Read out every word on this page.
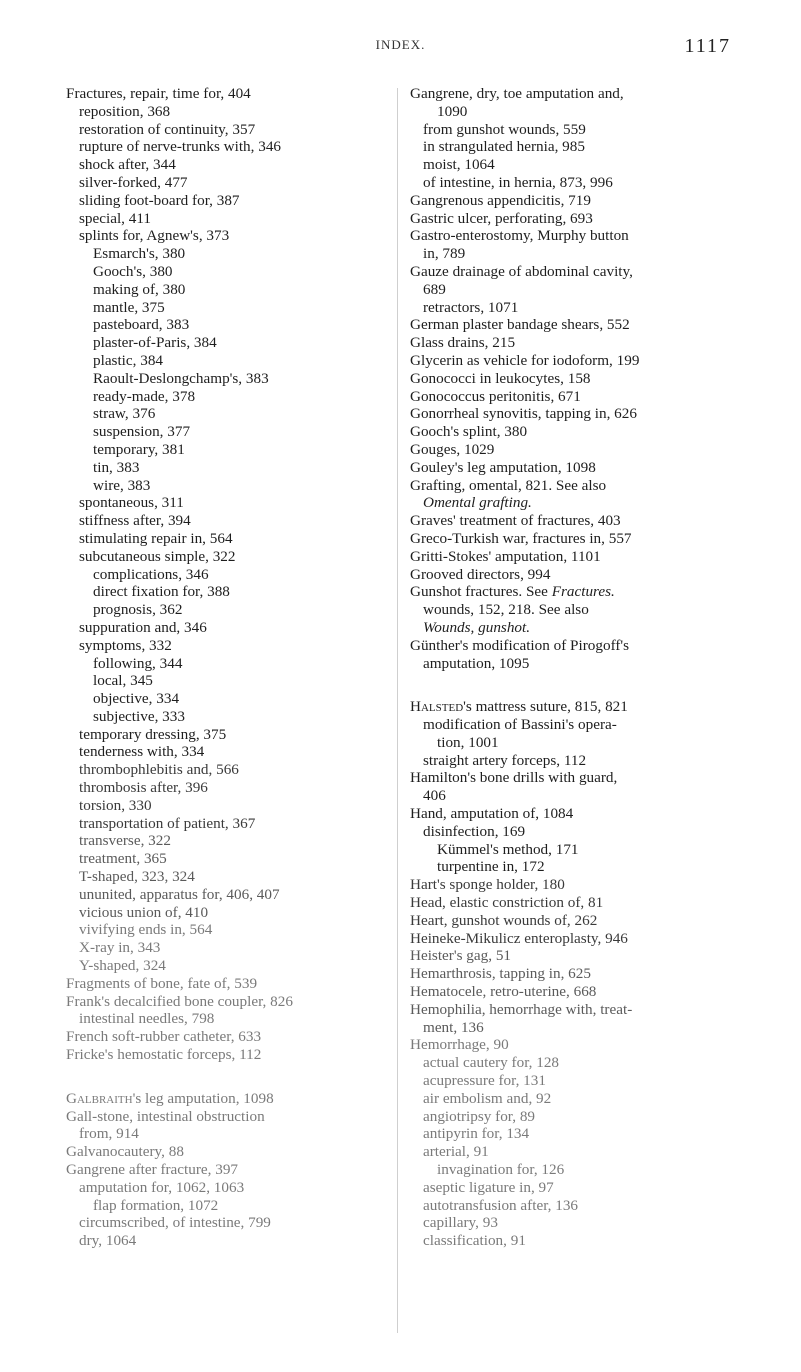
INDEX.	1117
Fractures, repair, time for, 404
reposition, 368
restoration of continuity, 357
rupture of nerve-trunks with, 346
shock after, 344
silver-forked, 477
sliding foot-board for, 387
special, 411
splints for, Agnew's, 373
Esmarch's, 380
Gooch's, 380
making of, 380
mantle, 375
pasteboard, 383
plaster-of-Paris, 384
plastic, 384
Raoult-Deslongchamp's, 383
ready-made, 378
straw, 376
suspension, 377
temporary, 381
tin, 383
wire, 383
spontaneous, 311
stiffness after, 394
stimulating repair in, 564
subcutaneous simple, 322
complications, 346
direct fixation for, 388
prognosis, 362
suppuration and, 346
symptoms, 332
following, 344
local, 345
objective, 334
subjective, 333
temporary dressing, 375
tenderness with, 334
thrombophlebitis and, 566
thrombosis after, 396
torsion, 330
transportation of patient, 367
transverse, 322
treatment, 365
T-shaped, 323, 324
ununited, apparatus for, 406, 407
vicious union of, 410
vivifying ends in, 564
X-ray in, 343
Y-shaped, 324
Fragments of bone, fate of, 539
Frank's decalcified bone coupler, 826
intestinal needles, 798
French soft-rubber catheter, 633
Fricke's hemostatic forceps, 112
Galbraith's leg amputation, 1098
Gall-stone, intestinal obstruction
from, 914
Galvanocautery, 88
Gangrene after fracture, 397
amputation for, 1062, 1063
flap formation, 1072
circumscribed, of intestine, 799
dry, 1064
Gangrene, dry, toe amputation and,
1090
from gunshot wounds, 559
in strangulated hernia, 985
moist, 1064
of intestine, in hernia, 873, 996
Gangrenous appendicitis, 719
Gastric ulcer, perforating, 693
Gastro-enterostomy, Murphy button
in, 789
Gauze drainage of abdominal cavity,
689
retractors, 1071
German plaster bandage shears, 552
Glass drains, 215
Glycerin as vehicle for iodoform, 199
Gonococci in leukocytes, 158
Gonococcus peritonitis, 671
Gonorrheal synovitis, tapping in, 626
Gooch's splint, 380
Gouges, 1029
Gouley's leg amputation, 1098
Grafting, omental, 821. See also
Omental grafting.
Graves' treatment of fractures, 403
Greco-Turkish war, fractures in, 557
Gritti-Stokes' amputation, 1101
Grooved directors, 994
Gunshot fractures. See Fractures.
wounds, 152, 218. See also
Wounds, gunshot.
Günther's modification of Pirogoff's
amputation, 1095
Halsted's mattress suture, 815, 821
modification of Bassini's opera-
tion, 1001
straight artery forceps, 112
Hamilton's bone drills with guard,
406
Hand, amputation of, 1084
disinfection, 169
Kümmel's method, 171
turpentine in, 172
Hart's sponge holder, 180
Head, elastic constriction of, 81
Heart, gunshot wounds of, 262
Heineke-Mikulicz enteroplasty, 946
Heister's gag, 51
Hemarthrosis, tapping in, 625
Hematocele, retro-uterine, 668
Hemophilia, hemorrhage with, treat-
ment, 136
Hemorrhage, 90
actual cautery for, 128
acupressure for, 131
air embolism and, 92
angiotripsy for, 89
antipyrin for, 134
arterial, 91
invagination for, 126
aseptic ligature in, 97
autotransfusion after, 136
capillary, 93
classification, 91
